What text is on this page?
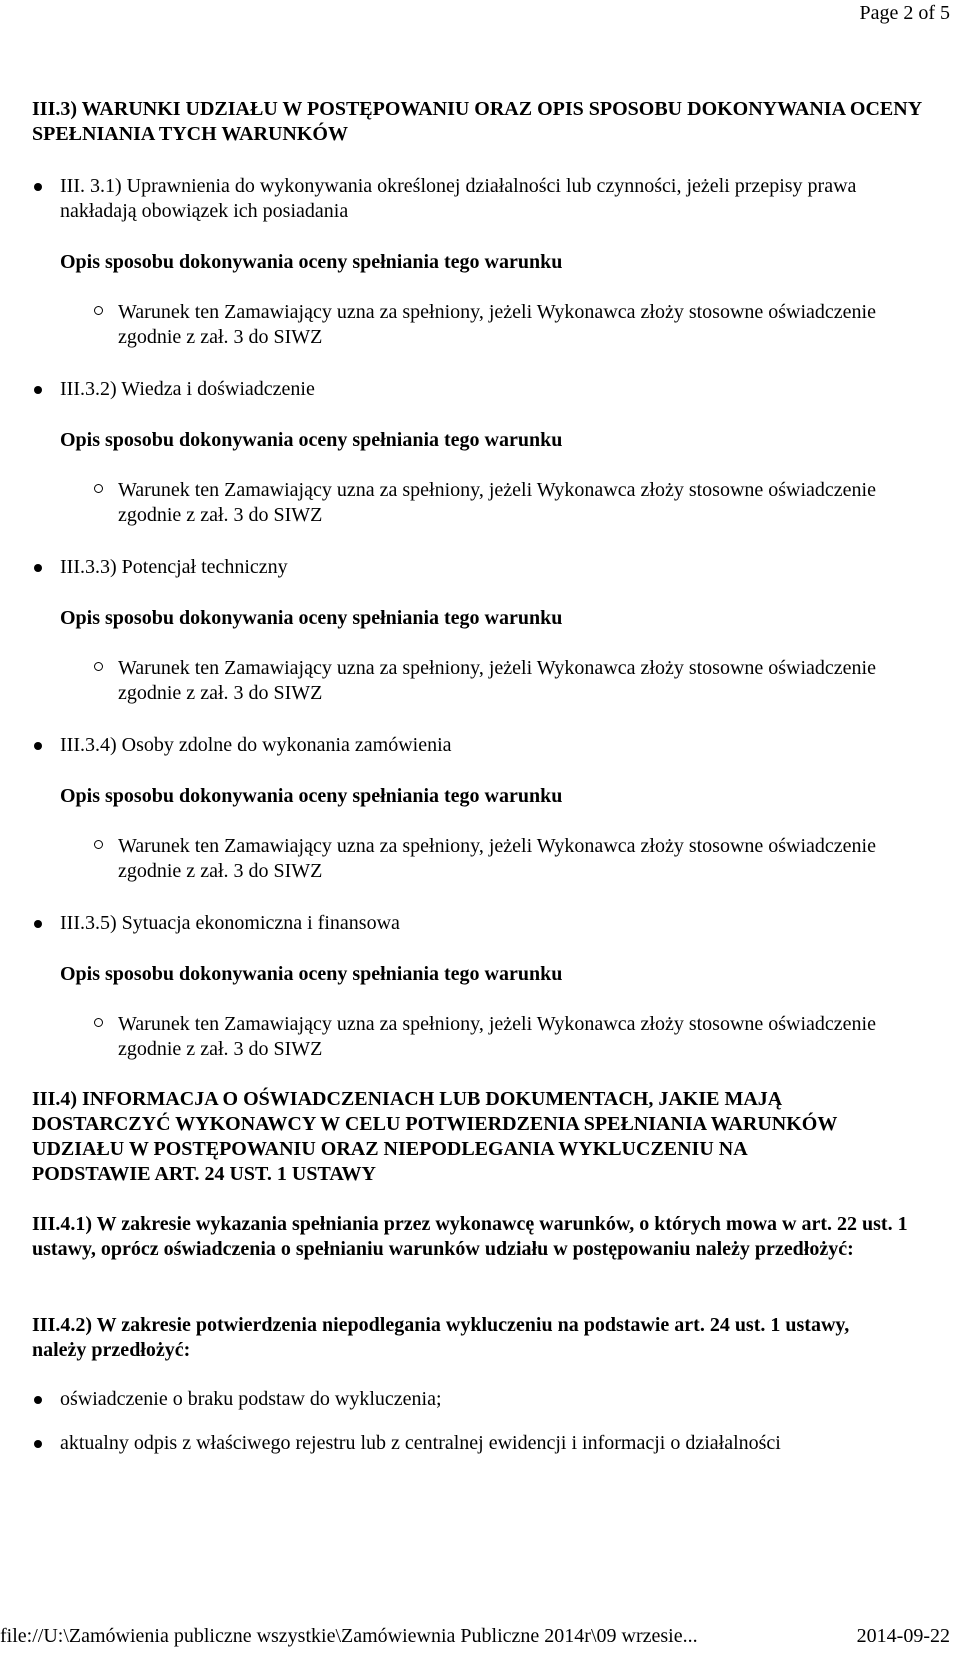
Page 2 of 5
III.3) WARUNKI UDZIAŁU W POSTĘPOWANIU ORAZ OPIS SPOSOBU DOKONYWANIA OCENY SPEŁNIANIA TYCH WARUNKÓW
III. 3.1) Uprawnienia do wykonywania określonej działalności lub czynności, jeżeli przepisy prawa nakładają obowiązek ich posiadania
Opis sposobu dokonywania oceny spełniania tego warunku
Warunek ten Zamawiający uzna za spełniony, jeżeli Wykonawca złoży stosowne oświadczenie zgodnie z zał. 3 do SIWZ
III.3.2) Wiedza i doświadczenie
Opis sposobu dokonywania oceny spełniania tego warunku
Warunek ten Zamawiający uzna za spełniony, jeżeli Wykonawca złoży stosowne oświadczenie zgodnie z zał. 3 do SIWZ
III.3.3) Potencjał techniczny
Opis sposobu dokonywania oceny spełniania tego warunku
Warunek ten Zamawiający uzna za spełniony, jeżeli Wykonawca złoży stosowne oświadczenie zgodnie z zał. 3 do SIWZ
III.3.4) Osoby zdolne do wykonania zamówienia
Opis sposobu dokonywania oceny spełniania tego warunku
Warunek ten Zamawiający uzna za spełniony, jeżeli Wykonawca złoży stosowne oświadczenie zgodnie z zał. 3 do SIWZ
III.3.5) Sytuacja ekonomiczna i finansowa
Opis sposobu dokonywania oceny spełniania tego warunku
Warunek ten Zamawiający uzna za spełniony, jeżeli Wykonawca złoży stosowne oświadczenie zgodnie z zał. 3 do SIWZ
III.4) INFORMACJA O OŚWIADCZENIACH LUB DOKUMENTACH, JAKIE MAJĄ DOSTARCZYĆ WYKONAWCY W CELU POTWIERDZENIA SPEŁNIANIA WARUNKÓW UDZIAŁU W POSTĘPOWANIU ORAZ NIEPODLEGANIA WYKLUCZENIU NA PODSTAWIE ART. 24 UST. 1 USTAWY
III.4.1) W zakresie wykazania spełniania przez wykonawcę warunków, o których mowa w art. 22 ust. 1 ustawy, oprócz oświadczenia o spełnianiu warunków udziału w postępowaniu należy przedłożyć:
III.4.2) W zakresie potwierdzenia niepodlegania wykluczeniu na podstawie art. 24 ust. 1 ustawy, należy przedłożyć:
oświadczenie o braku podstaw do wykluczenia;
aktualny odpis z właściwego rejestru lub z centralnej ewidencji i informacji o działalności
file://U:\Zamówienia publiczne wszystkie\Zamówiewnia Publiczne 2014r\09 wrzesie...	2014-09-22
